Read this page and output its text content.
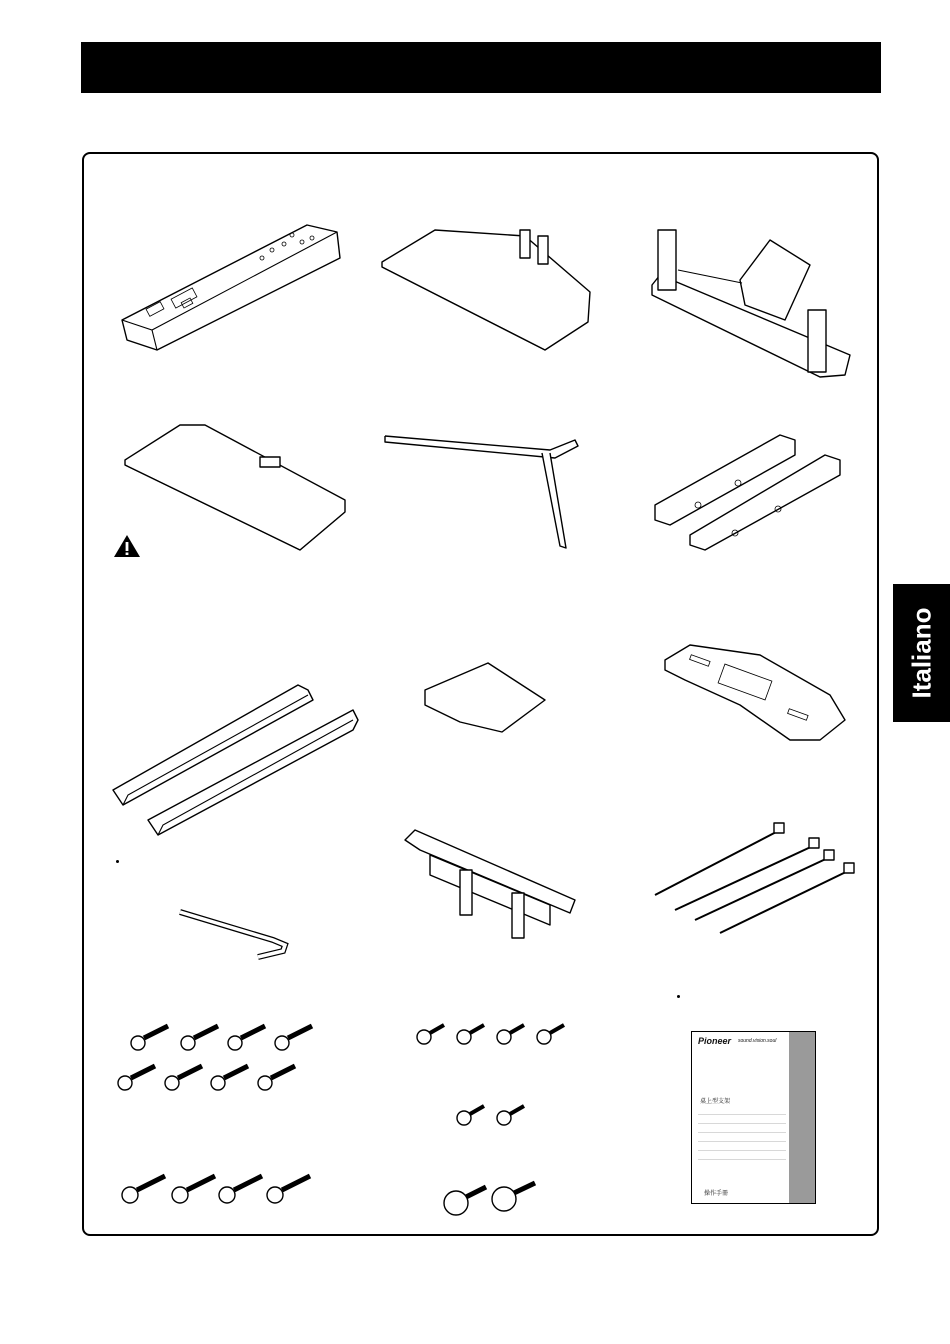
Italiano
Pioneer sound.vision.soul
桌上型支架
操作手冊
